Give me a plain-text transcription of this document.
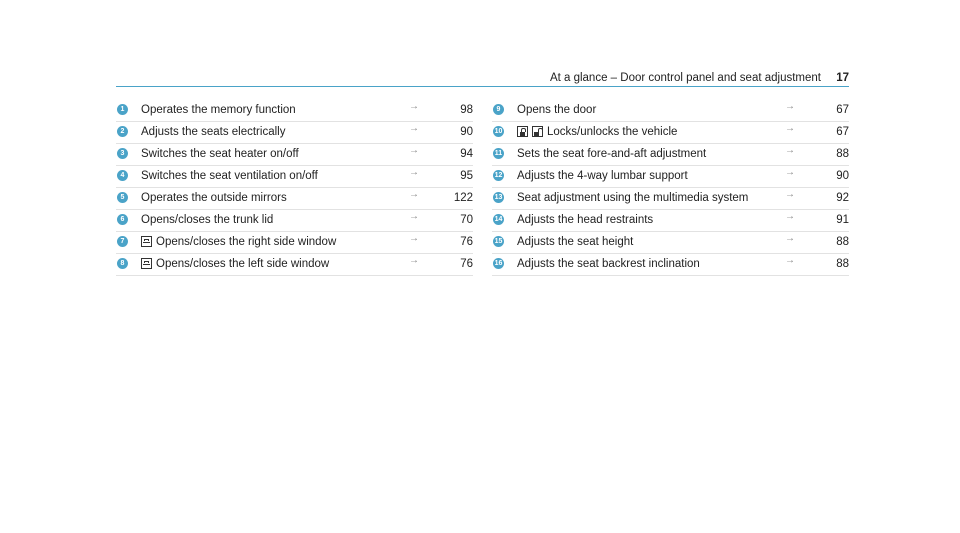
At a glance – Door control panel and seat adjustment 17
1	Operates the memory function	→	98
2	Adjusts the seats electrically	→	90
3	Switches the seat heater on/off	→	94
4	Switches the seat ventilation on/off	→	95
5	Operates the outside mirrors	→	122
6	Opens/closes the trunk lid	→	70
7	Opens/closes the right side window	→	76
8	Opens/closes the left side window	→	76
9	Opens the door	→	67
10	Locks/unlocks the vehicle	→	67
11 Sets the seat fore-and-aft adjustment	→	88
12 Adjusts the 4-way lumbar support	→	90
13 Seat adjustment using the multimedia system	→	92
14 Adjusts the head restraints	→	91
15 Adjusts the seat height	→	88
16 Adjusts the seat backrest inclination	→	88
